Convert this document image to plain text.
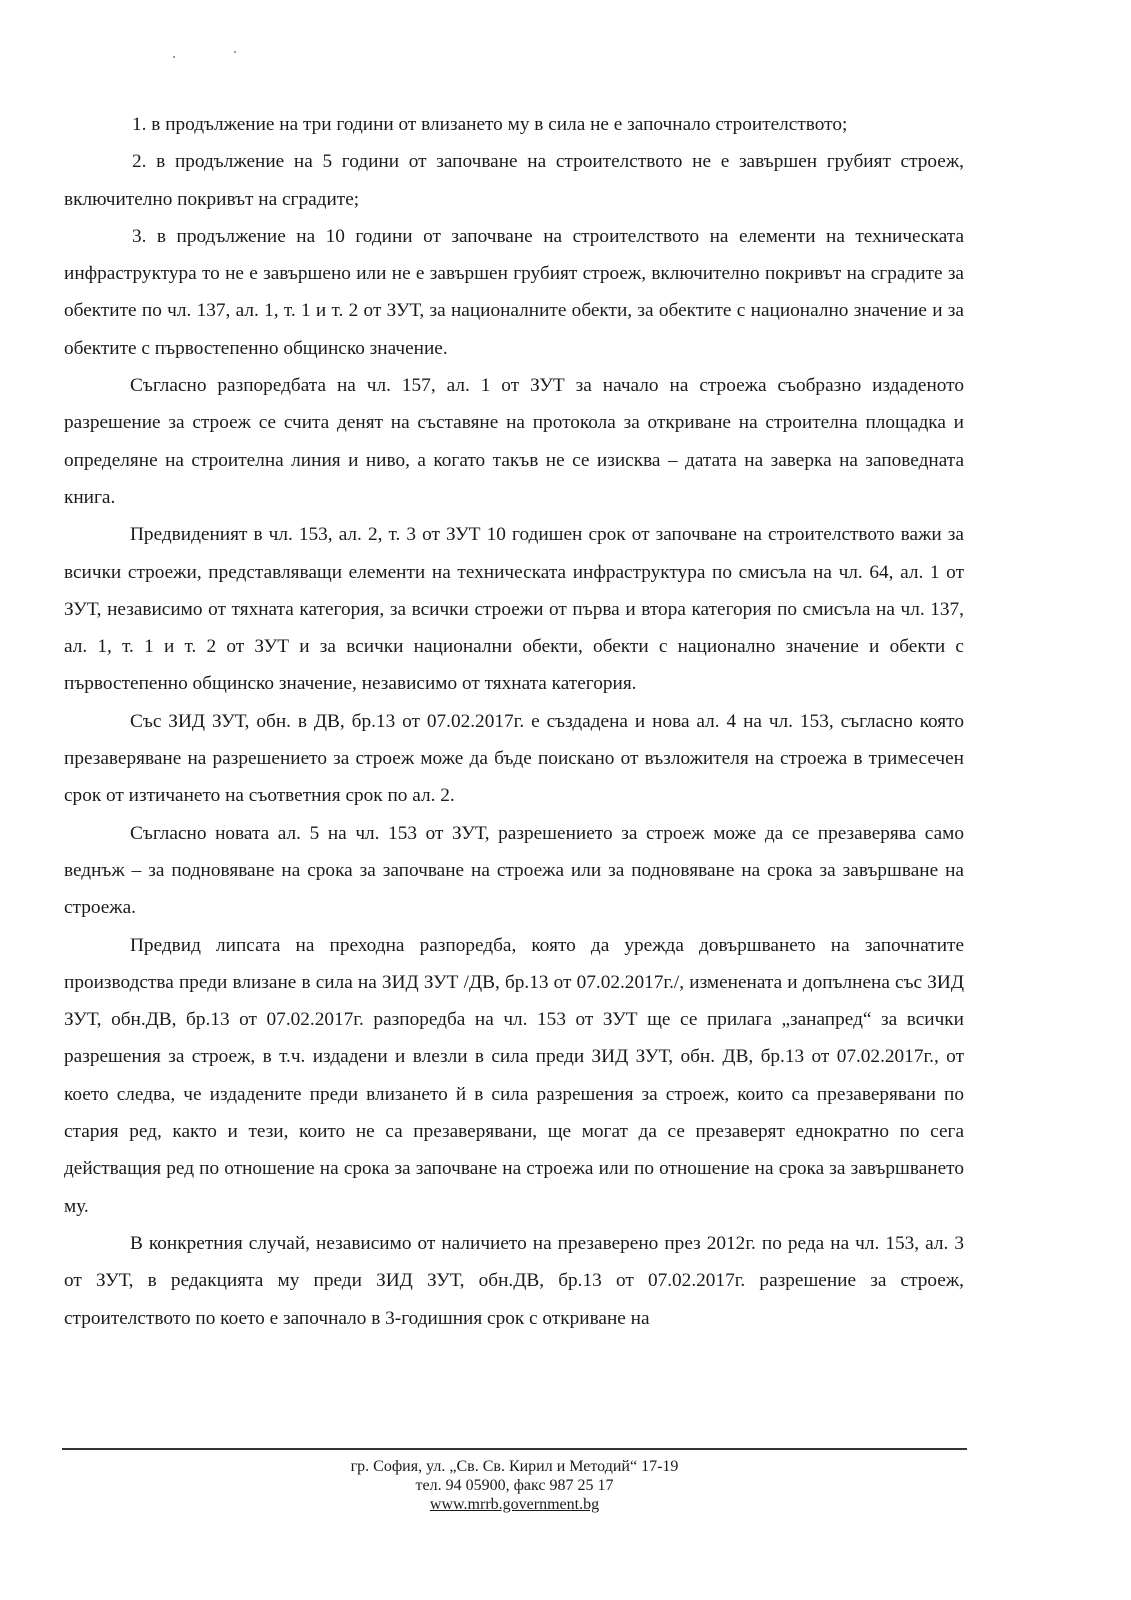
1. в продължение на три години от влизането му в сила не е започнало строителството;

2. в продължение на 5 години от започване на строителството не е завършен грубият строеж, включително покривът на сградите;

3. в продължение на 10 години от започване на строителството на елементи на техническата инфраструктура то не е завършено или не е завършен грубият строеж, включително покривът на сградите за обектите по чл. 137, ал. 1, т. 1 и т. 2 от ЗУТ, за националните обекти, за обектите с национално значение и за обектите с първостепенно общинско значение.

Съгласно разпоредбата на чл. 157, ал. 1 от ЗУТ за начало на строежа съобразно издаденото разрешение за строеж се счита денят на съставяне на протокола за откриване на строителна площадка и определяне на строителна линия и ниво, а когато такъв не се изисква – датата на заверка на заповедната книга.

Предвиденият в чл. 153, ал. 2, т. 3 от ЗУТ 10 годишен срок от започване на строителството важи за всички строежи, представляващи елементи на техническата инфраструктура по смисъла на чл. 64, ал. 1 от ЗУТ, независимо от тяхната категория, за всички строежи от първа и втора категория по смисъла на чл. 137, ал. 1, т. 1 и т. 2 от ЗУТ и за всички национални обекти, обекти с национално значение и обекти с първостепенно общинско значение, независимо от тяхната категория.

Със ЗИД ЗУТ, обн. в ДВ, бр.13 от 07.02.2017г. е създадена и нова ал. 4 на чл. 153, съгласно която презаверяване на разрешението за строеж може да бъде поискано от възложителя на строежа в тримесечен срок от изтичането на съответния срок по ал. 2.

Съгласно новата ал. 5 на чл. 153 от ЗУТ, разрешението за строеж може да се презаверява само веднъж – за подновяване на срока за започване на строежа или за подновяване на срока за завършване на строежа.

Предвид липсата на преходна разпоредба, която да урежда довършването на започнатите производства преди влизане в сила на ЗИД ЗУТ /ДВ, бр.13 от 07.02.2017г./, изменената и допълнена със ЗИД ЗУТ, обн.ДВ, бр.13 от 07.02.2017г. разпоредба на чл. 153 от ЗУТ ще се прилага „занапред“ за всички разрешения за строеж, в т.ч. издадени и влезли в сила преди ЗИД ЗУТ, обн. ДВ, бр.13 от 07.02.2017г., от което следва, че издадените преди влизането й в сила разрешения за строеж, които са презаверявани по стария ред, както и тези, които не са презаверявани, ще могат да се презаверят еднократно по сега действащия ред по отношение на срока за започване на строежа или по отношение на срока за завършването му.

В конкретния случай, независимо от наличието на презаверено през 2012г. по реда на чл. 153, ал. 3 от ЗУТ, в редакцията му преди ЗИД ЗУТ, обн.ДВ, бр.13 от 07.02.2017г. разрешение за строеж, строителството по което е започнало в 3-годишния срок с откриване на

гр. София, ул. „Св. Св. Кирил и Методий“ 17-19
тел. 94 05900, факс 987 25 17
www.mrrb.government.bg
